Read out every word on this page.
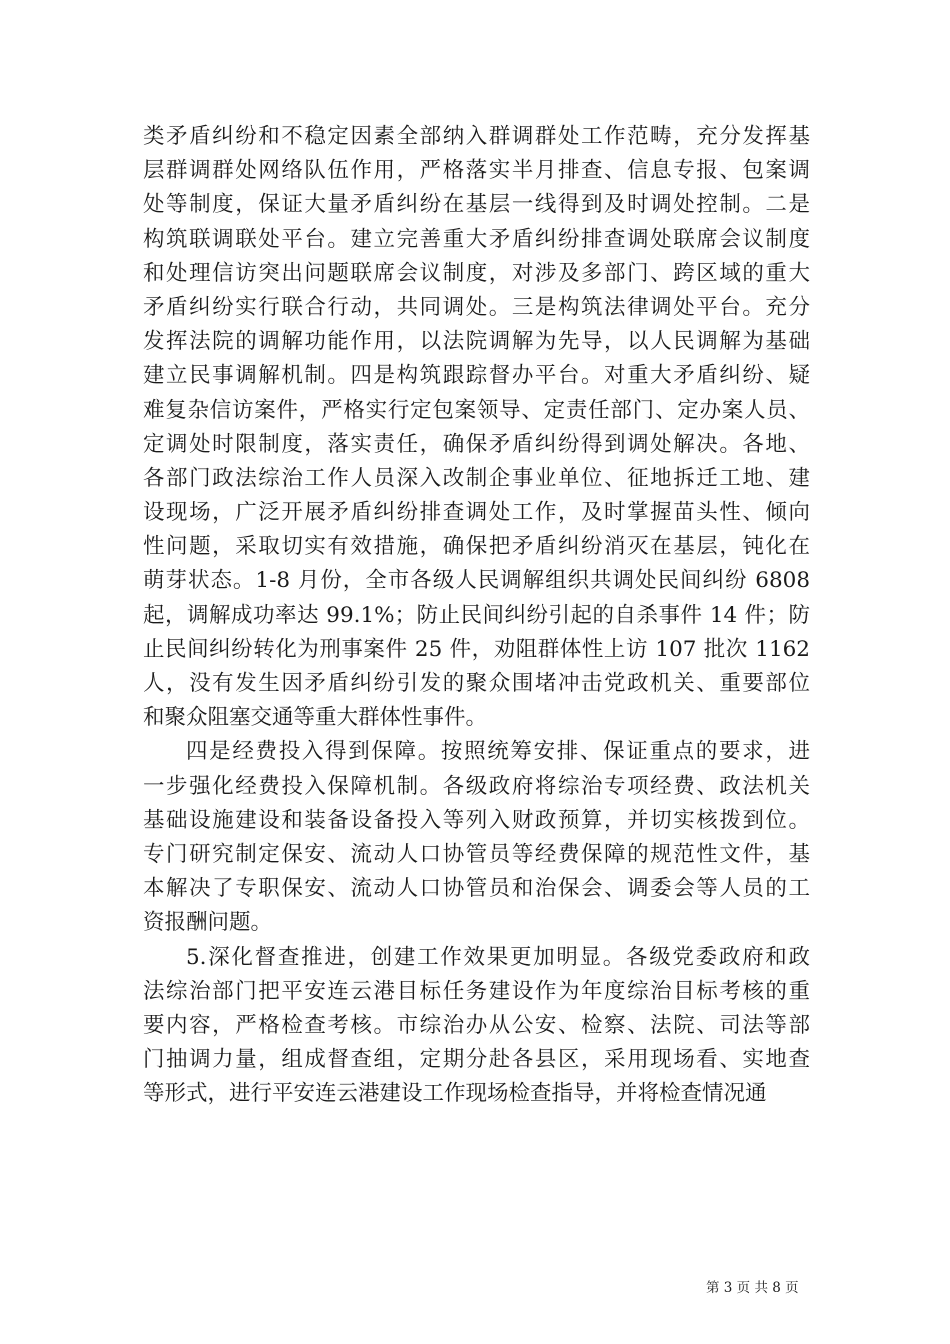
类矛盾纠纷和不稳定因素全部纳入群调群处工作范畴，充分发挥基
层群调群处网络队伍作用，严格落实半月排查、信息专报、包案调
处等制度，保证大量矛盾纠纷在基层一线得到及时调处控制。二是
构筑联调联处平台。建立完善重大矛盾纠纷排查调处联席会议制度
和处理信访突出问题联席会议制度，对涉及多部门、跨区域的重大
矛盾纠纷实行联合行动，共同调处。三是构筑法律调处平台。充分
发挥法院的调解功能作用，以法院调解为先导，以人民调解为基础
建立民事调解机制。四是构筑跟踪督办平台。对重大矛盾纠纷、疑
难复杂信访案件，严格实行定包案领导、定责任部门、定办案人员、
定调处时限制度，落实责任，确保矛盾纠纷得到调处解决。各地、
各部门政法综治工作人员深入改制企事业单位、征地拆迁工地、建
设现场，广泛开展矛盾纠纷排查调处工作，及时掌握苗头性、倾向
性问题，采取切实有效措施，确保把矛盾纠纷消灭在基层，钝化在
萌芽状态。1-8 月份，全市各级人民调解组织共调处民间纠纷 6808
起，调解成功率达 99.1%；防止民间纠纷引起的自杀事件 14 件；防
止民间纠纷转化为刑事案件 25 件，劝阻群体性上访 107 批次 1162
人，没有发生因矛盾纠纷引发的聚众围堵冲击党政机关、重要部位
和聚众阻塞交通等重大群体性事件。
四是经费投入得到保障。按照统筹安排、保证重点的要求，进
一步强化经费投入保障机制。各级政府将综治专项经费、政法机关
基础设施建设和装备设备投入等列入财政预算，并切实核拨到位。
专门研究制定保安、流动人口协管员等经费保障的规范性文件，基
本解决了专职保安、流动人口协管员和治保会、调委会等人员的工
资报酬问题。
5.深化督查推进，创建工作效果更加明显。各级党委政府和政
法综治部门把平安连云港目标任务建设作为年度综治目标考核的重
要内容，严格检查考核。市综治办从公安、检察、法院、司法等部
门抽调力量，组成督查组，定期分赴各县区，采用现场看、实地查
等形式，进行平安连云港建设工作现场检查指导，并将检查情况通
第 3 页 共 8 页
